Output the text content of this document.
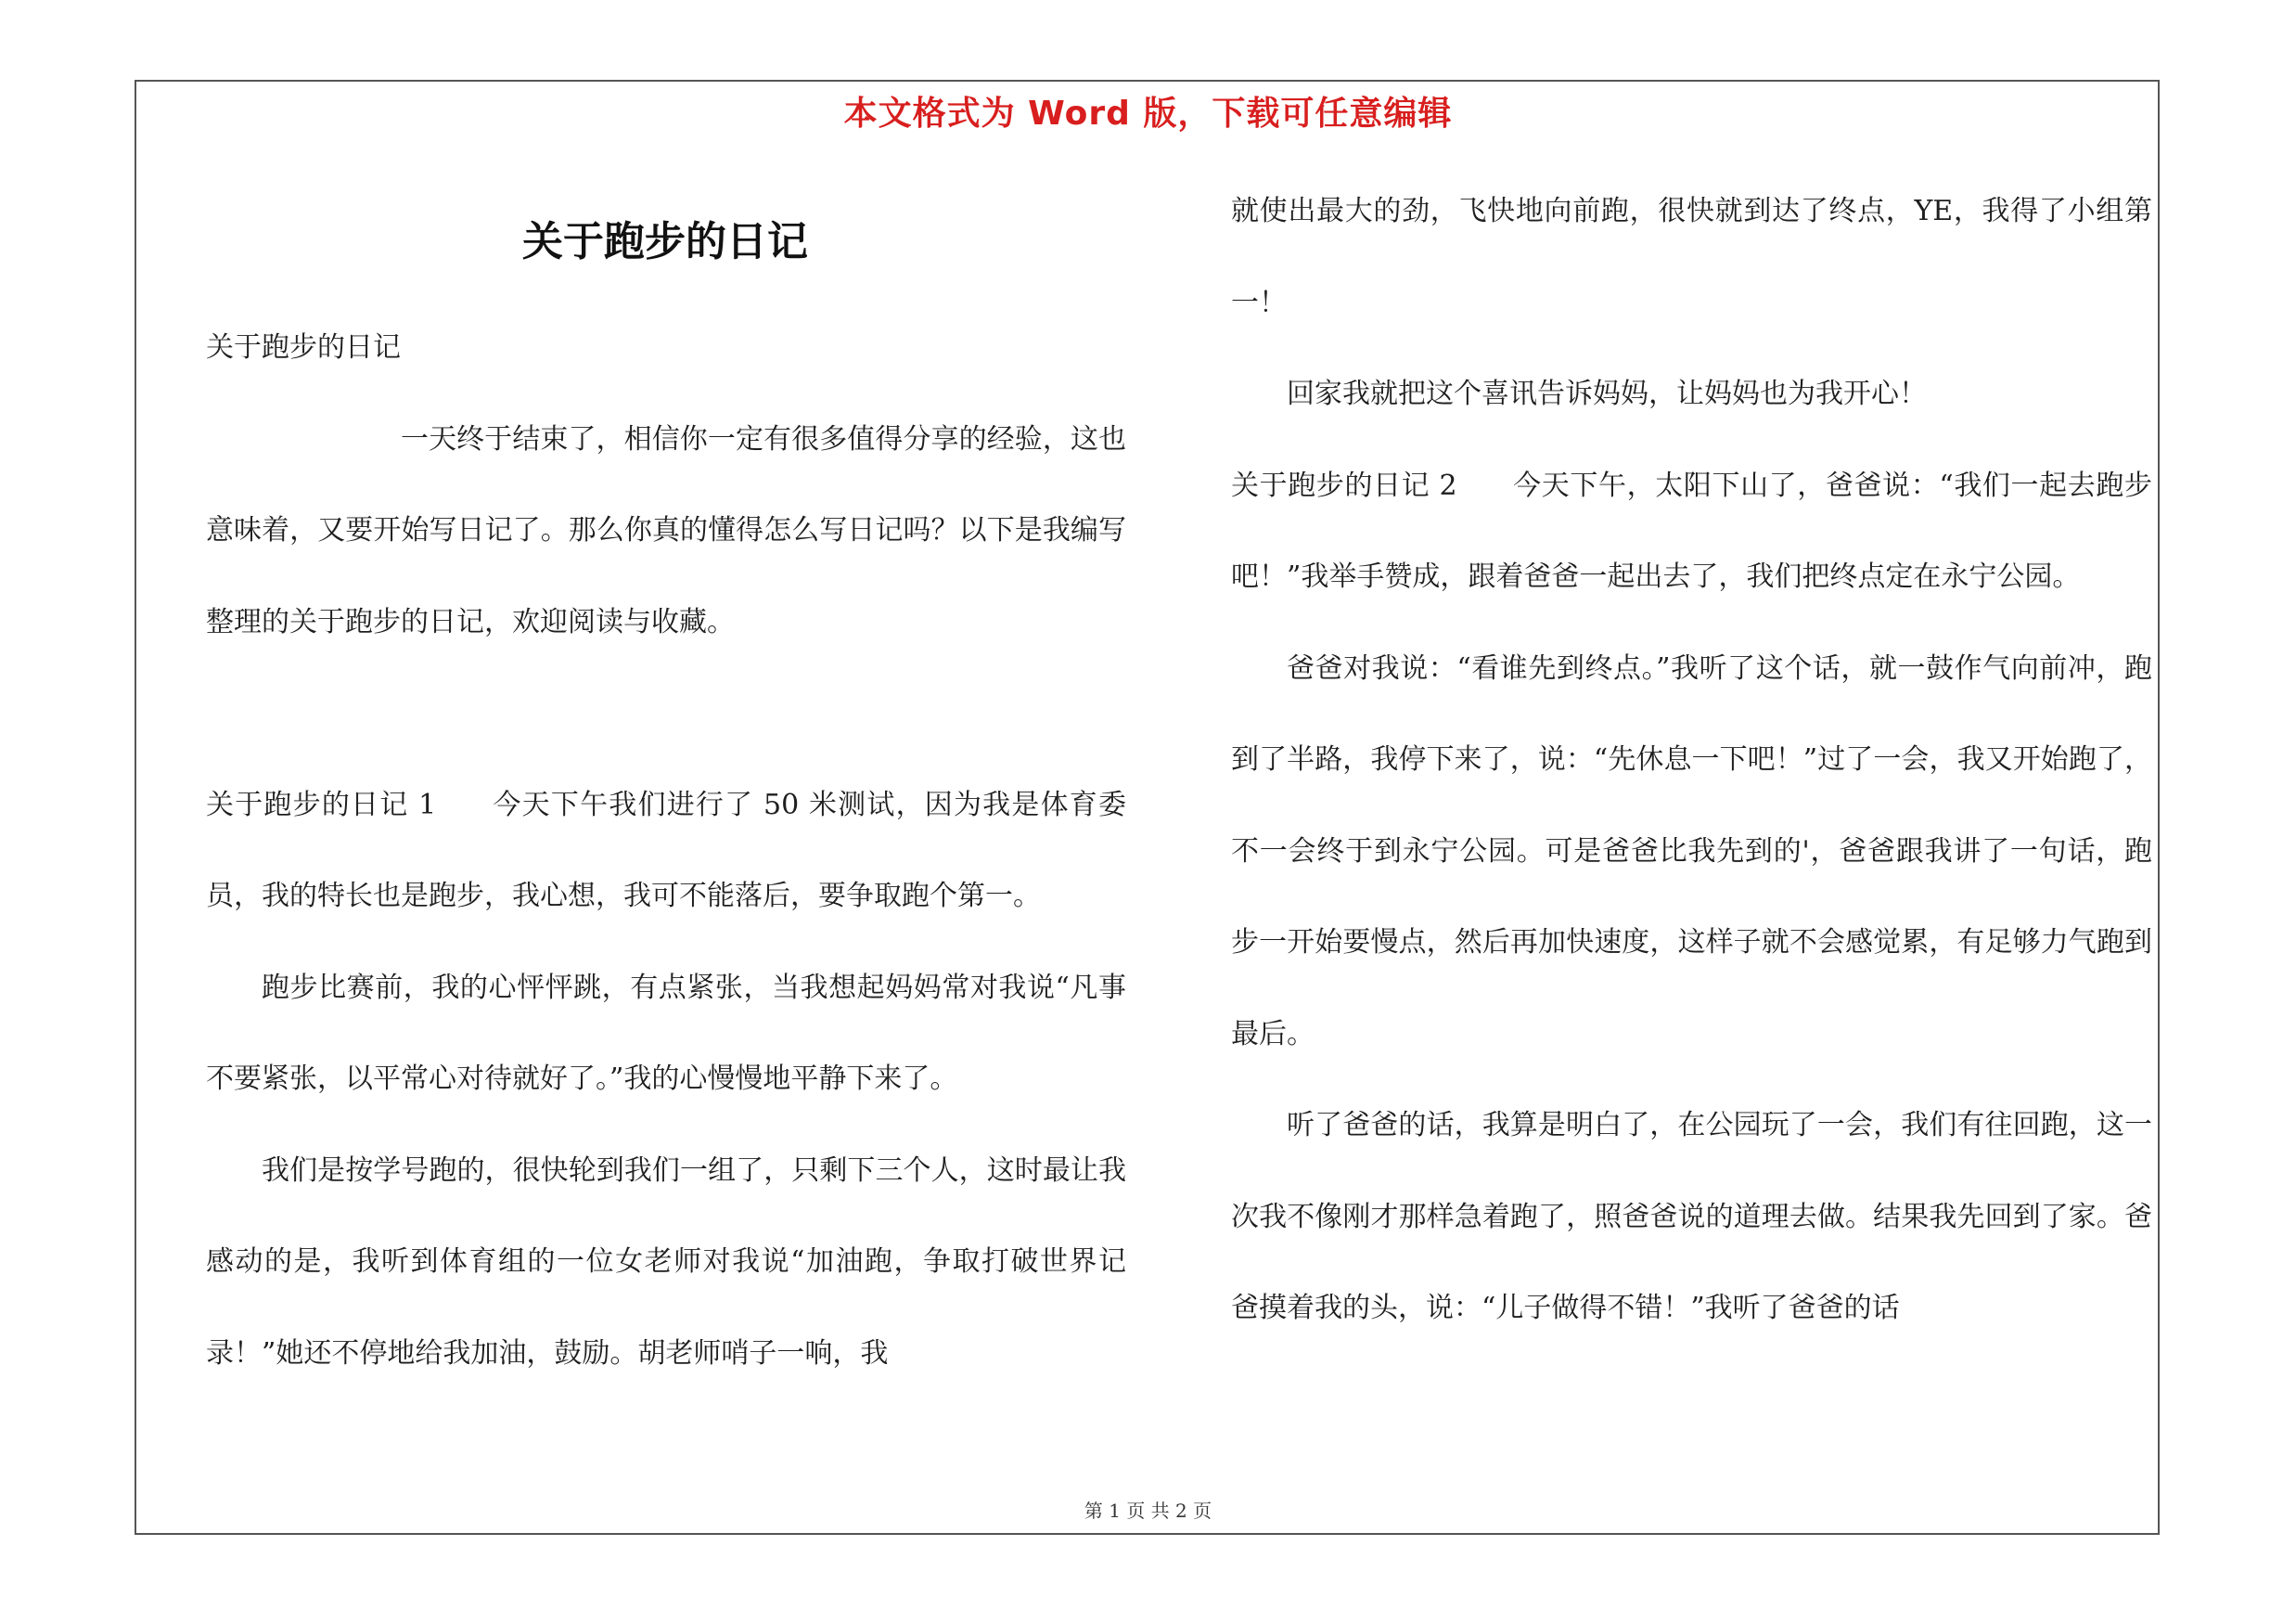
本文格式为 Word 版，下载可任意编辑
关于跑步的日记

关于跑步的日记

一天终于结束了，相信你一定有很多值得分享的经验，这也意味着，又要开始写日记了。那么你真的懂得怎么写日记吗？以下是我编写整理的关于跑步的日记，欢迎阅读与收藏。

关于跑步的日记 1   今天下午我们进行了 50 米测试，因为我是体育委员，我的特长也是跑步，我心想，我可不能落后，要争取跑个第一。

跑步比赛前，我的心怦怦跳，有点紧张，当我想起妈妈常对我说“凡事不要紧张，以平常心对待就好了。”我的心慢慢地平静下来了。

我们是按学号跑的，很快轮到我们一组了，只剩下三个人，这时最让我感动的是，我听到体育组的一位女老师对我说“加油跑，争取打破世界记录！”她还不停地给我加油，鼓励。胡老师哨子一响，我

就使出最大的劲，飞快地向前跑，很快就到达了终点，YE，我得了小组第一！

回家我就把这个喜讯告诉妈妈，让妈妈也为我开心！

关于跑步的日记 2   今天下午，太阳下山了，爸爸说：“我们一起去跑步吧！”我举手赞成，跟着爸爸一起出去了，我们把终点定在永宁公园。

爸爸对我说：“看谁先到终点。”我听了这个话，就一鼓作气向前冲，跑到了半路，我停下来了，说：“先休息一下吧！”过了一会，我又开始跑了，不一会终于到永宁公园。可是爸爸比我先到的'，爸爸跟我讲了一句话，跑步一开始要慢点，然后再加快速度，这样子就不会感觉累，有足够力气跑到最后。

听了爸爸的话，我算是明白了，在公园玩了一会，我们有往回跑，这一次我不像刚才那样急着跑了，照爸爸说的道理去做。结果我先回到了家。爸爸摸着我的头，说：“儿子做得不错！”我听了爸爸的话

第 1 页 共 2 页
